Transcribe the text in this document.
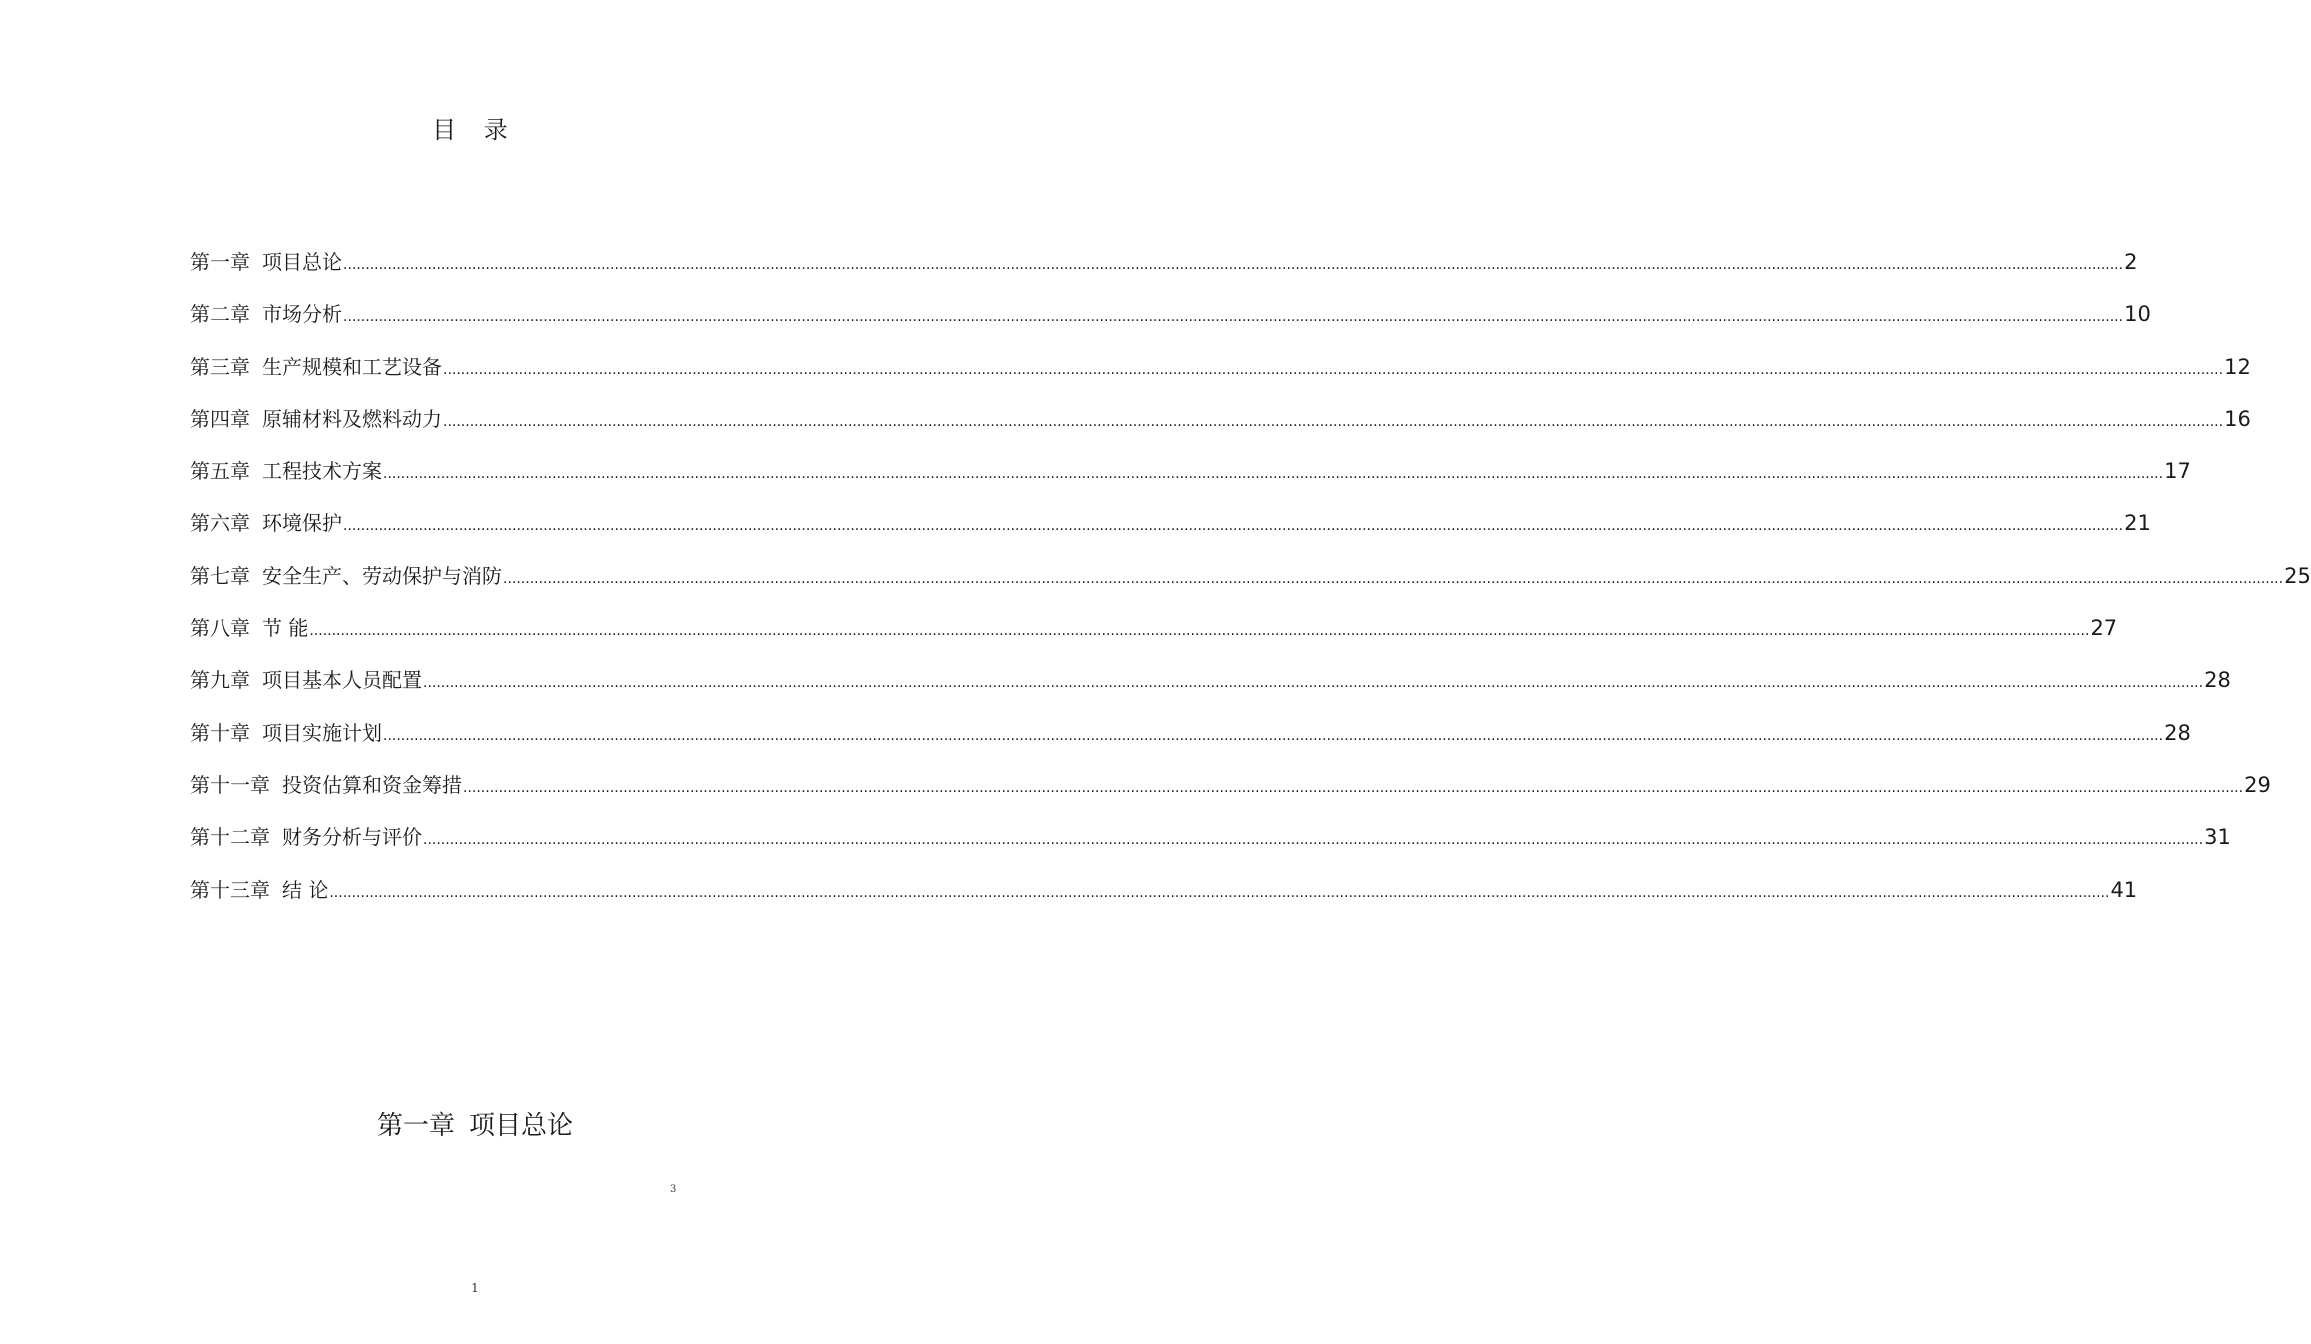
目 录
第一章 项目总论 ................................................................................................................................................................................................................................................................................................................................................................................................................ 2
第二章 市场分析 ................................................................................................................................................................................................................................................................................................................................................................................................................ 10
第三章 生产规模和工艺设备 ................................................................................................................................................................................................................................................................................................................................................................................................................ 12
第四章 原辅材料及燃料动力 ................................................................................................................................................................................................................................................................................................................................................................................................................ 16
第五章 工程技术方案 ................................................................................................................................................................................................................................................................................................................................................................................................................ 17
第六章 环境保护 ................................................................................................................................................................................................................................................................................................................................................................................................................ 21
第七章 安全生产、劳动保护与消防 ................................................................................................................................................................................................................................................................................................................................................................................................................ 25
第八章 节 能 ................................................................................................................................................................................................................................................................................................................................................................................................................ 27
第九章 项目基本人员配置 ................................................................................................................................................................................................................................................................................................................................................................................................................ 28
第十章 项目实施计划 ................................................................................................................................................................................................................................................................................................................................................................................................................ 28
第十一章 投资估算和资金筹措 ................................................................................................................................................................................................................................................................................................................................................................................................................ 29
第十二章 财务分析与评价 ................................................................................................................................................................................................................................................................................................................................................................................................................ 31
第十三章 结 论 ................................................................................................................................................................................................................................................................................................................................................................................................................ 41
第一章 项目总论
3
1
